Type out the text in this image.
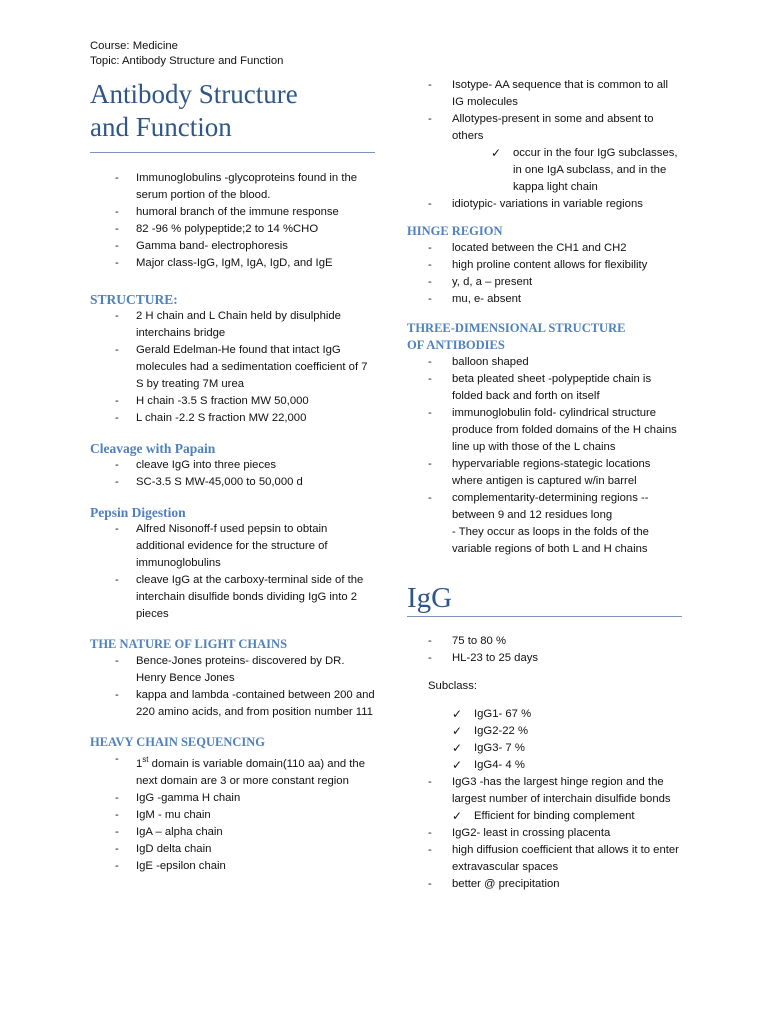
Course: Medicine
Topic: Antibody Structure and Function
Antibody Structure
and Function
- Immunoglobulins -glycoproteins found in the serum portion of the blood.
- humoral branch of the immune response
- 82 -96 % polypeptide;2 to 14 %CHO
- Gamma band- electrophoresis
- Major class-IgG, IgM, IgA, IgD, and IgE
STRUCTURE:
- 2 H chain and L Chain held by disulphide interchains bridge
- Gerald Edelman-He found that intact IgG molecules had a sedimentation coefficient of 7 S by treating 7M urea
- H chain -3.5 S fraction MW 50,000
- L chain -2.2 S fraction MW 22,000
Cleavage with Papain
- cleave IgG into three pieces
- SC-3.5 S MW-45,000 to 50,000 d
Pepsin Digestion
- Alfred Nisonoff-f used pepsin to obtain additional evidence for the structure of immunoglobulins
- cleave IgG at the carboxy-terminal side of the interchain disulfide bonds dividing IgG into 2 pieces
THE NATURE OF LIGHT CHAINS
- Bence-Jones proteins- discovered by DR. Henry Bence Jones
- kappa and lambda -contained between 200 and 220 amino acids, and from position number 111
HEAVY CHAIN SEQUENCING
- 1st domain is variable domain(110 aa) and the next domain are 3 or more constant region
- IgG -gamma H chain
- IgM - mu chain
- IgA – alpha chain
- IgD delta chain
- IgE -epsilon chain
- Isotype- AA sequence that is common to all IG molecules
- Allotypes-present in some and absent to others
✓ occur in the four IgG subclasses, in one IgA subclass, and in the kappa light chain
- idiotypic- variations in variable regions
HINGE REGION
- located between the CH1 and CH2
- high proline content allows for flexibility
- y, d, a – present
- mu, e- absent
THREE-DIMENSIONAL STRUCTURE
OF ANTIBODIES
- balloon shaped
- beta pleated sheet -polypeptide chain is folded back and forth on itself
- immunoglobulin fold- cylindrical structure produce from folded domains of the H chains line up with those of the L chains
- hypervariable regions-stategic locations where antigen is captured w/in barrel
- complementarity-determining regions -- between 9 and 12 residues long
- They occur as loops in the folds of the variable regions of both L and H chains
IgG
- 75 to 80 %
- HL-23 to 25 days
Subclass:
✓ IgG1- 67 %
✓ IgG2-22 %
✓ IgG3- 7 %
✓ IgG4- 4 %
- IgG3 -has the largest hinge region and the largest number of interchain disulfide bonds
✓ Efficient for binding complement
- IgG2- least in crossing placenta
- high diffusion coefficient that allows it to enter extravascular spaces
- better @ precipitation
